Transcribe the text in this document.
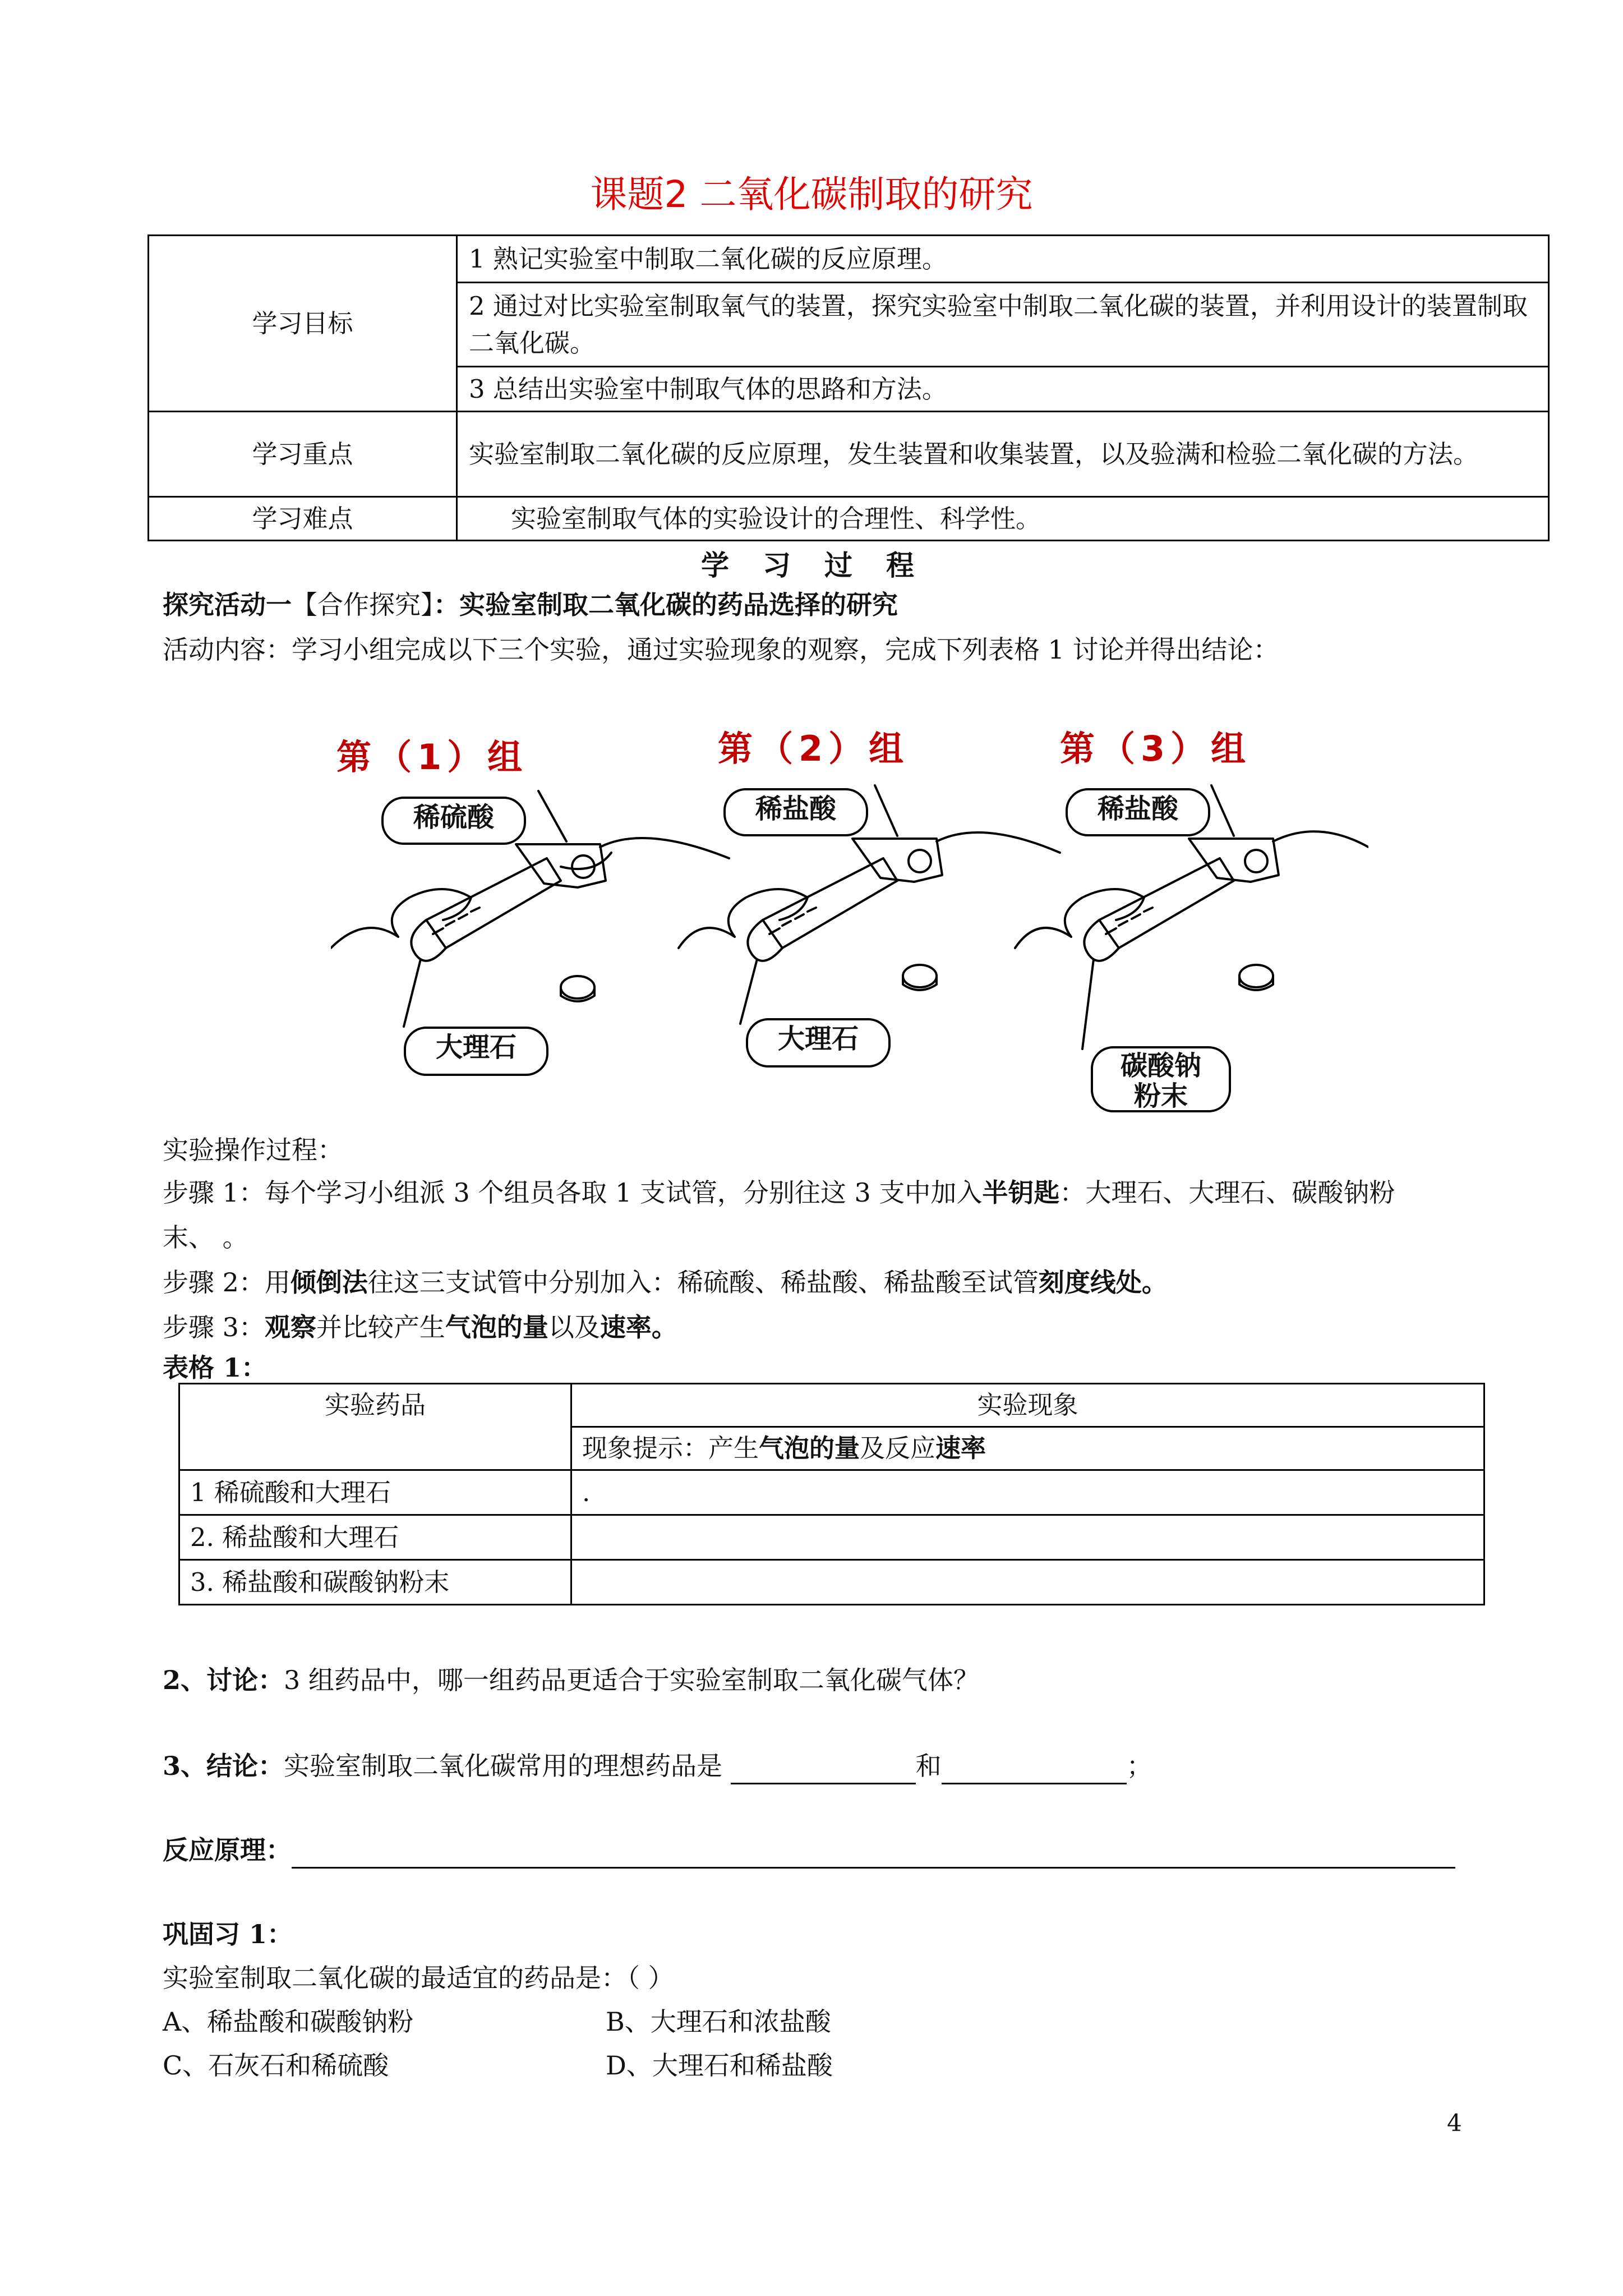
课题2 二氧化碳制取的研究
学习目标	1 熟记实验室中制取二氧化碳的反应原理。
	2 通过对比实验室制取氧气的装置，探究实验室中制取二氧化碳的装置，并利用设计的装置制取二氧化碳。
	3 总结出实验室中制取气体的思路和方法。
学习重点	实验室制取二氧化碳的反应原理，发生装置和收集装置，以及验满和检验二氧化碳的方法。
学习难点	实验室制取气体的实验设计的合理性、科学性。
学习过程
探究活动一【合作探究】：实验室制取二氧化碳的药品选择的研究
活动内容：学习小组完成以下三个实验，通过实验现象的观察，完成下列表格 1 讨论并得出结论：
第（1）组	第（2）组	第（3）组
稀硫酸	稀盐酸	稀盐酸
大理石	大理石
碳酸钠粉末
实验操作过程：
步骤 1：每个学习小组派 3 个组员各取 1 支试管，分别往这 3 支中加入半钥匙：大理石、大理石、碳酸钠粉
末、 。
步骤 2：用倾倒法往这三支试管中分别加入：稀硫酸、稀盐酸、稀盐酸至试管刻度线处。
步骤 3：观察并比较产生气泡的量以及速率。
表格 1：
实验药品	实验现象
	现象提示：产生气泡的量及反应速率
1 稀硫酸和大理石	.
2. 稀盐酸和大理石	
3. 稀盐酸和碳酸钠粉末	
2、讨论：3 组药品中，哪一组药品更适合于实验室制取二氧化碳气体？
3、结论：实验室制取二氧化碳常用的理想药品是	和	；
反应原理：
巩固习 1：
实验室制取二氧化碳的最适宜的药品是：（ ）
A、稀盐酸和碳酸钠粉	B、大理石和浓盐酸
C、石灰石和稀硫酸	D、大理石和稀盐酸
4
